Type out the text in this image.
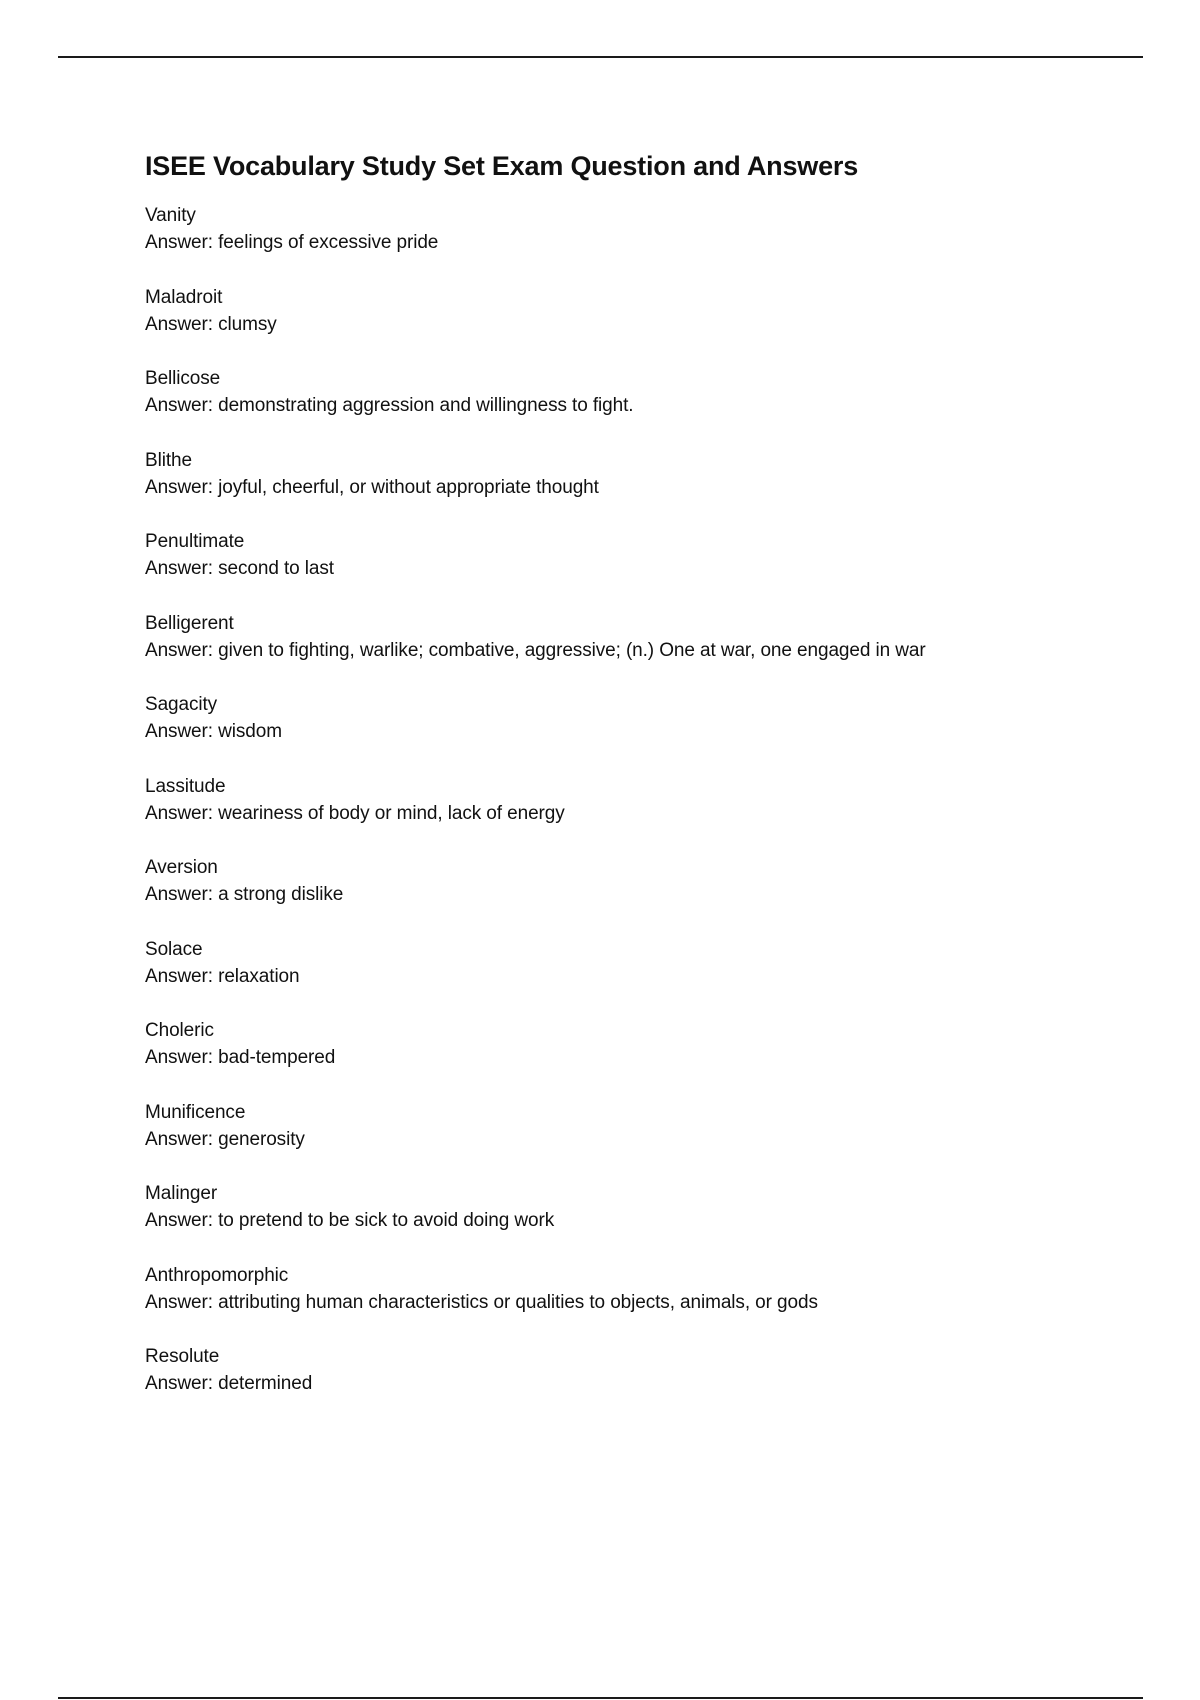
ISEE Vocabulary Study Set Exam Question and Answers
Vanity
Answer: feelings of excessive pride
Maladroit
Answer: clumsy
Bellicose
Answer: demonstrating aggression and willingness to fight.
Blithe
Answer: joyful, cheerful, or without appropriate thought
Penultimate
Answer: second to last
Belligerent
Answer: given to fighting, warlike; combative, aggressive; (n.) One at war, one engaged in war
Sagacity
Answer: wisdom
Lassitude
Answer: weariness of body or mind, lack of energy
Aversion
Answer: a strong dislike
Solace
Answer: relaxation
Choleric
Answer: bad-tempered
Munificence
Answer: generosity
Malinger
Answer: to pretend to be sick to avoid doing work
Anthropomorphic
Answer: attributing human characteristics or qualities to objects, animals, or gods
Resolute
Answer: determined
